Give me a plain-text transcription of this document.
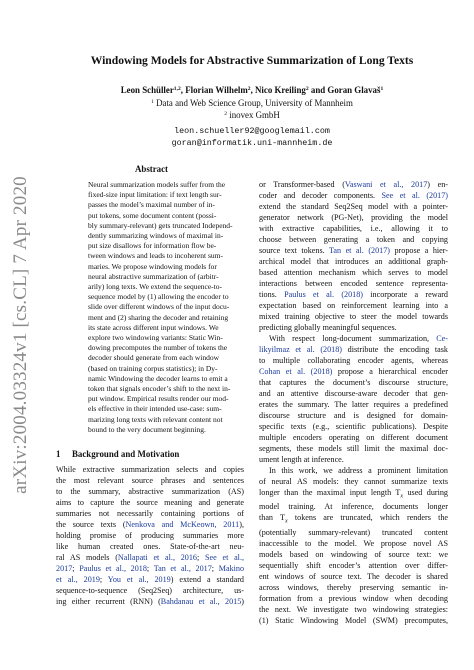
arXiv:2004.03324v1 [cs.CL] 7 Apr 2020
Windowing Models for Abstractive Summarization of Long Texts
Leon Schüller$^{1,2}$, Florian Wilhelm$^2$, Nico Kreiling$^2$ and Goran Glavaš$^1$
$^1$ Data and Web Science Group, University of Mannheim
$^2$ inovex GmbH
leon.schueller92@googlemail.com
goran@informatik.uni-mannheim.de
Abstract
Neural summarization models suffer from the
fixed-size input limitation: if text length sur-
passes the model’s maximal number of in-
put tokens, some document content (possi-
bly summary-relevant) gets truncated Independ-
dently summarizing windows of maximal in-
put size disallows for information flow be-
tween windows and leads to incoherent sum-
maries. We propose windowing models for
neural abstractive summarization of (arbitr-
arily) long texts. We extend the sequence-to-
sequence model by (1) allowing the encoder to
slide over different windows of the input docu-
ment and (2) sharing the decoder and retaining
its state across different input windows. We
explore two windowing variants: Static Win-
dowing precomputes the number of tokens the
decoder should generate from each window
(based on training corpus statistics); in Dy-
namic Windowing the decoder learns to emit a
token that signals encoder’s shift to the next in-
put window. Empirical results render our mod-
els effective in their intended use-case: sum-
marizing long texts with relevant content not
bound to the very document beginning.
1 Background and Motivation
While extractive summarization selects and copies
the most relevant source phrases and sentences
to the summary, abstractive summarization (AS)
aims to capture the source meaning and generate
summaries not necessarily containing portions of
the source texts (Nenkova and McKeown, 2011),
holding promise of producing summaries more
like human created ones. State-of-the-art neu-
ral AS models (Nallapati et al., 2016; See et al.,
2017; Paulus et al., 2018; Tan et al., 2017; Makino
et al., 2019; You et al., 2019) extend a standard
sequence-to-sequence (Seq2Seq) architecture, us-
ing either recurrent (RNN) (Bahdanau et al., 2015)
or Transformer-based (Vaswani et al., 2017) en-
coder and decoder components. See et al. (2017)
extend the standard Seq2Seq model with a pointer-
generator network (PG-Net), providing the model
with extractive capabilities, i.e., allowing it to
choose between generating a token and copying
source text tokens. Tan et al. (2017) propose a hier-
archical model that introduces an additional graph-
based attention mechanism which serves to model
interactions between encoded sentence representa-
tions. Paulus et al. (2018) incorporate a reward
expectation based on reinforcement learning into a
mixed training objective to steer the model towards
predicting globally meaningful sequences.
With respect long-document summarization, Ce-
likyilmaz et al. (2018) distribute the encoding task
to multiple collaborating encoder agents, whereas
Cohan et al. (2018) propose a hierarchical encoder
that captures the document’s discourse structure,
and an attentive discourse-aware decoder that gen-
erates the summary. The latter requires a predefined
discourse structure and is designed for domain-
specific texts (e.g., scientific publications). Despite
multiple encoders operating on different document
segments, these models still limit the maximal doc-
ument length at inference.
In this work, we address a prominent limitation
of neural AS models: they cannot summarize texts
longer than the maximal input length $T_x$ used during
model training. At inference, documents longer
than $T_x$ tokens are truncated, which renders the
(potentially summary-relevant) truncated content
inaccessible to the model. We propose novel AS
models based on windowing of source text: we
sequentially shift encoder’s attention over differ-
ent windows of source text. The decoder is shared
across windows, thereby preserving semantic in-
formation from a previous window when decoding
the next. We investigate two windowing strategies:
(1) Static Windowing Model (SWM) precomputes,
